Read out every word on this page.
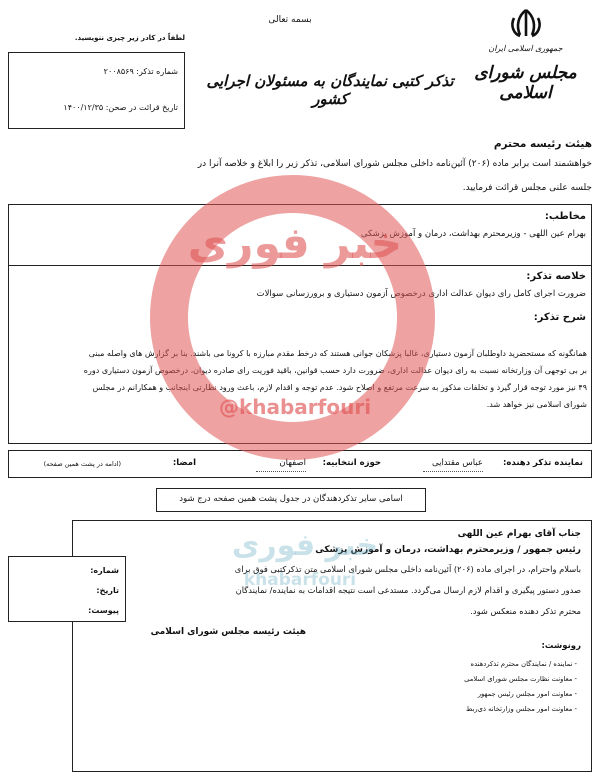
بسمه تعالی
لطفاً در کادر زیر چیزی ننویسید.
شماره تذکر: ۲۰۰۸۵۶۹
تاریخ قرائت در صحن: ۱۴۰۰/۱۲/۳۵
تذکر کتبی نمایندگان به مسئولان اجرایی کشور
جمهوری اسلامی ایران
مجلس شورای اسلامی
هیئت رئیسه محترم
خواهشمند است برابر ماده (۲۰۶) آئین‌نامه داخلی مجلس شورای اسلامی، تذکر زیر را ابلاغ و خلاصه آنرا در
جلسه علنی مجلس قرائت فرمایید.
مخاطب:
بهرام عین اللهی - وزیرمحترم بهداشت، درمان و آموزش پزشکی
خلاصه تذکر:
ضرورت اجرای کامل رای دیوان عدالت اداری درخصوص آزمون دستیاری و برورزسانی سوالات
شرح تذکر:
همانگونه که مستحضرید داوطلبان آزمون دستیاری، غالبا پزشکان جوانی هستند که درخط مقدم مبارزه با کرونا می باشند. بنا بر گزارش های واصله مبنی
بر بی توجهی آن وزارتخانه نسبت به رای دیوان عدالت اداری، ضرورت دارد حسب قوانین، باقید فوریت رای صادره دیوان، درخصوص آزمون دستیاری دوره
۴۹ نیز مورد توجه قرار گیرد و تخلفات مذکور به سرعت مرتفع و اصلاح شود. عدم توجه و اقدام لازم، باعث ورود نظارتی اینجانب و همکارانم در مجلس
شورای اسلامی نیز خواهد شد.
نماینده تذکر دهنده:
عباس مقتدایی
حوزه انتخابیه:
اصفهان
امضا:
(ادامه در پشت همین صفحه)
اسامی سایر تذکردهندگان در جدول پشت همین صفحه درج شود
جناب آقای بهرام عین اللهی
رئیس جمهور / وزیرمحترم بهداشت، درمان و آموزش پزشکی
باسلام واحترام، در اجرای ماده (۲۰۶) آئین‌نامه داخلی مجلس شورای اسلامی متن تذکرکتبی فوق برای
صدور دستور پیگیری و اقدام لازم ارسال می‌گردد. مستدعی است نتیجه اقدامات به نماینده/ نمایندگان
محترم تذکر دهنده منعکس شود.
هیئت رئیسه مجلس شورای اسلامی
رونوشت:
- نماینده / نمایندگان محترم تذکردهنده
- معاونت نظارت مجلس شورای اسلامی
- معاونت امور مجلس رئیس جمهور
- معاونت امور مجلس وزارتخانه ذی‌ربط
شماره:
تاریخ:
پیوست:
خبر فوری
@khabarfouri
خبر فوری
khabarfouri
